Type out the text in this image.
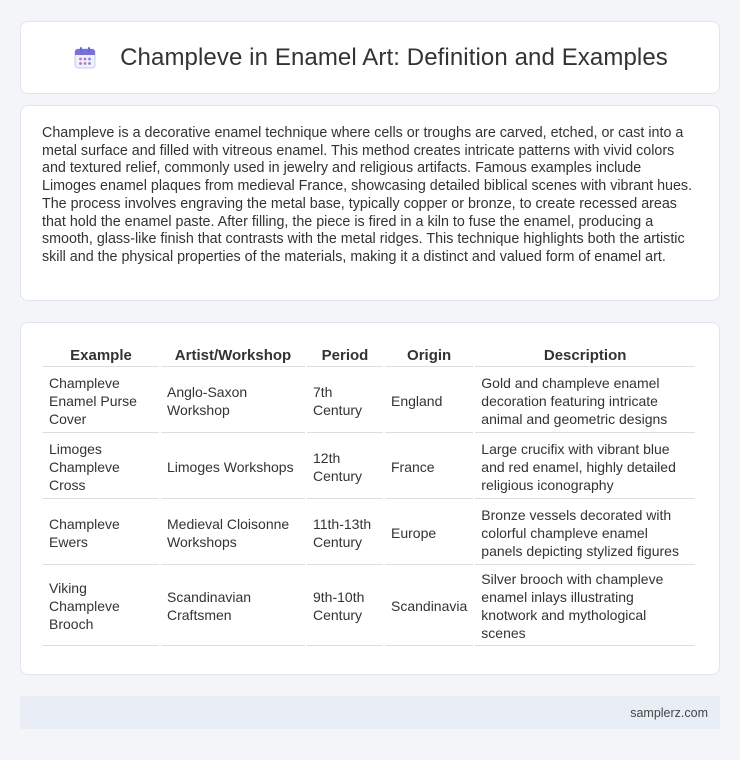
Champleve in Enamel Art: Definition and Examples

Champleve is a decorative enamel technique where cells or troughs are carved, etched, or cast into a metal surface and filled with vitreous enamel. This method creates intricate patterns with vivid colors and textured relief, commonly used in jewelry and religious artifacts. Famous examples include Limoges enamel plaques from medieval France, showcasing detailed biblical scenes with vibrant hues. The process involves engraving the metal base, typically copper or bronze, to create recessed areas that hold the enamel paste. After filling, the piece is fired in a kiln to fuse the enamel, producing a smooth, glass-like finish that contrasts with the metal ridges. This technique highlights both the artistic skill and the physical properties of the materials, making it a distinct and valued form of enamel art.

Example	Artist/Workshop	Period	Origin	Description
Champleve Enamel Purse Cover	Anglo-Saxon Workshop	7th Century	England	Gold and champleve enamel decoration featuring intricate animal and geometric designs
Limoges Champleve Cross	Limoges Workshops	12th Century	France	Large crucifix with vibrant blue and red enamel, highly detailed religious iconography
Champleve Ewers	Medieval Cloisonne Workshops	11th-13th Century	Europe	Bronze vessels decorated with colorful champleve enamel panels depicting stylized figures
Viking Champleve Brooch	Scandinavian Craftsmen	9th-10th Century	Scandinavia	Silver brooch with champleve enamel inlays illustrating knotwork and mythological scenes
samplerz.com
